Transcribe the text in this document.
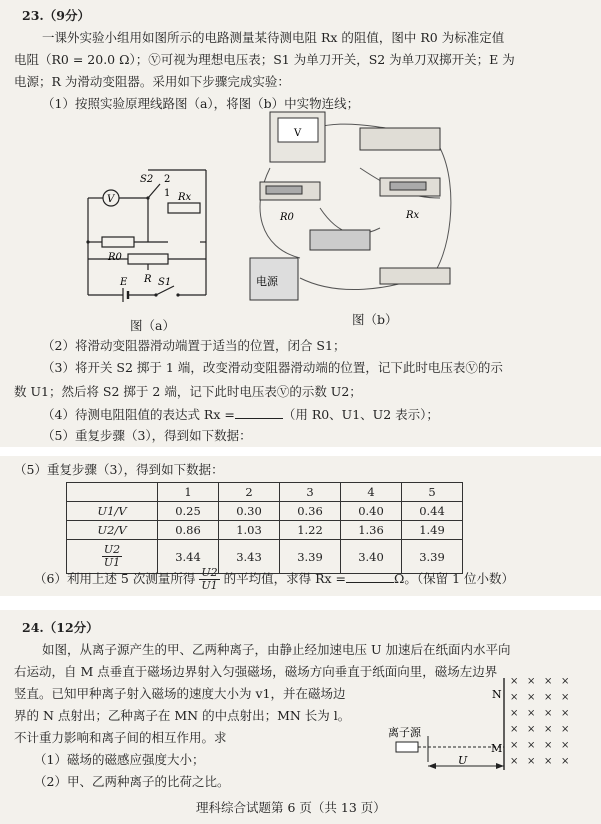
23.（9分）
一课外实验小组用如图所示的电路测量某待测电阻 Rx 的阻值，图中 R0 为标准定值
电阻（R0 = 20.0 Ω）；Ⓥ可视为理想电压表；S1 为单刀开关，S2 为单刀双掷开关；E 为
电源；R 为滑动变阻器。采用如下步骤完成实验：
（1）按照实验原理线路图（a），将图（b）中实物连线；
V
S2 2
1 Rx
R0
R
E	S1
图（a）
V
R0	Rx
电源
图（b）
（2）将滑动变阻器滑动端置于适当的位置，闭合 S1；
（3）将开关 S2 掷于 1 端，改变滑动变阻器滑动端的位置，记下此时电压表Ⓥ的示
数 U1；然后将 S2 掷于 2 端，记下此时电压表Ⓥ的示数 U2；
（4）待测电阻阻值的表达式 Rx =	（用 R0、U1、U2 表示）；
（5）重复步骤（3），得到如下数据：
（5）重复步骤（3），得到如下数据：
	1	2	3	4	5
U1/V	0.25	0.30	0.36	0.40	0.44
U2/V	0.86	1.03	1.22	1.36	1.49

$\frac{U2}{U1}$	3.44	3.43	3.39	3.40	3.39
（6）利用上述 5 次测量所得 $\frac{U2}{U1}$ 的平均值，求得 Rx =	Ω。（保留 1 位小数）
24.（12分）
如图，从离子源产生的甲、乙两种离子，由静止经加速电压 U 加速后在纸面内水平向
右运动，自 M 点垂直于磁场边界射入匀强磁场，磁场方向垂直于纸面向里，磁场左边界
竖直。已知甲种离子射入磁场的速度大小为 v1，并在磁场边
界的 N 点射出；乙种离子在 MN 的中点射出；MN 长为 l。
不计重力影响和离子间的相互作用。求
（1）磁场的磁感应强度大小；
（2）甲、乙两种离子的比荷之比。
离子源
U
N
M
× × × ×
× × × ×
× × × ×
× × × ×
× × × ×
× × × ×
理科综合试题第 6 页（共 13 页）
